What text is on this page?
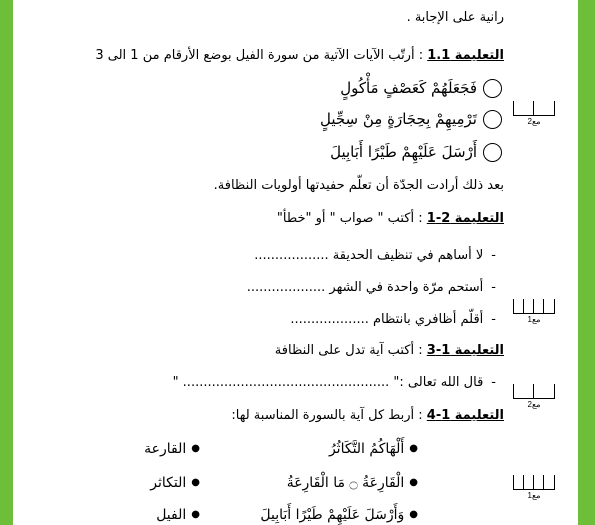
رانية على الإجابة .
التعليمة 1.1 : أرتّب الآيات الآتية من سورة الفيل بوضع الأرقام من 1 الى 3
فَجَعَلَهُمْ كَعَصْفٍ مَأْكُولٍ
تَرْمِيهِمْ بِحِجَارَةٍ مِنْ سِجِّيلٍ
أَرْسَلَ عَلَيْهِمْ طَيْرًا أَبَابِيلَ
بعد ذلك أرادت الجدّة أن تعلّم حفيدتها أولويات النظافة.
التعليمة 2-1 : أكتب " صواب " أو "خطأ"
- لا أساهم في تنظيف الحديقة ..................
- أستحم مرّة واحدة في الشهر ...................
- أقلّم أظافري بانتظام ...................
التعليمة 1-3 : أكتب آية تدل على النظافة
- قال الله تعالى :" .................................................. "
التعليمة 1-4 : أربط كل آية بالسورة المناسبة لها:
● أَلْهَاكُمُ التَّكَاثُرُ
● الْقَارِعَةُ ۝ مَا الْقَارِعَةُ
● وَأَرْسَلَ عَلَيْهِمْ طَيْرًا أَبَابِيلَ
● القارعة
● التكاثر
● الفيل
مع2
مع1
مع2
مع1
